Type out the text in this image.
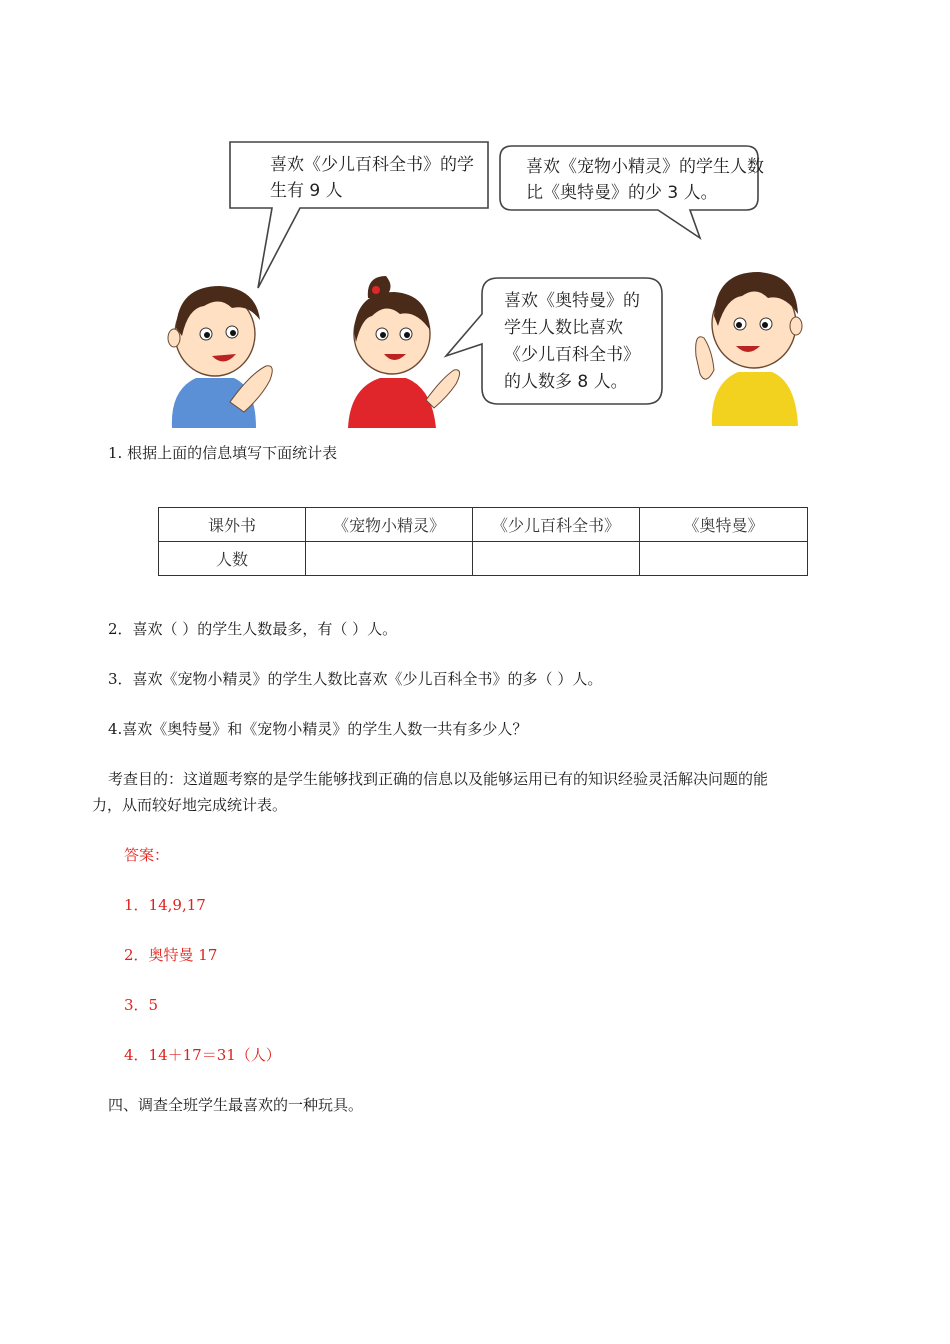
喜欢《少儿百科全书》的学
生有 9 人
喜欢《宠物小精灵》的学生人数
比《奥特曼》的少 3 人。
喜欢《奥特曼》的
学生人数比喜欢
《少儿百科全书》
的人数多 8 人。
1. 根据上面的信息填写下面统计表
课外书	《宠物小精灵》	《少儿百科全书》	《奥特曼》
人数			
2．喜欢（ ）的学生人数最多，有（ ）人。
3．喜欢《宠物小精灵》的学生人数比喜欢《少儿百科全书》的多（ ）人。
4.喜欢《奥特曼》和《宠物小精灵》的学生人数一共有多少人？
考查目的：这道题考察的是学生能够找到正确的信息以及能够运用已有的知识经验灵活解决问题的能
力，从而较好地完成统计表。
答案：
1．14,9,17
2．奥特曼 17
3．5
4．14＋17＝31（人）
四、调查全班学生最喜欢的一种玩具。
